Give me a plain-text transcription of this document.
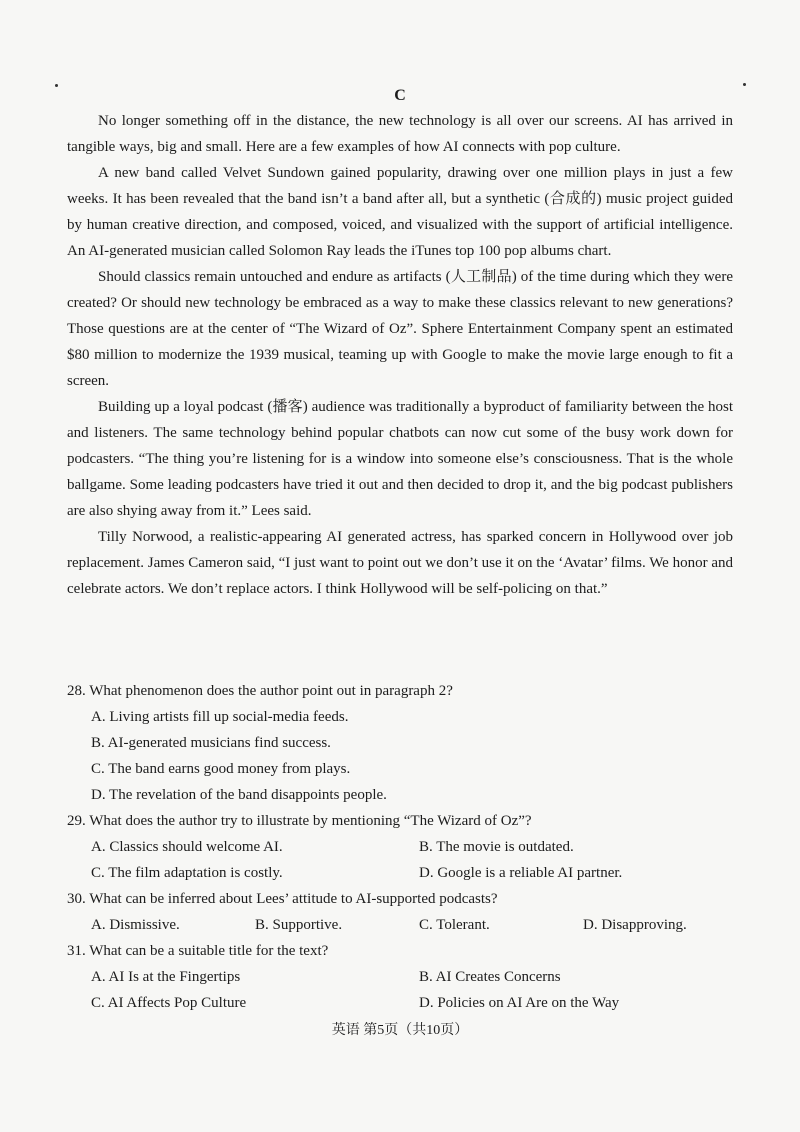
C

No longer something off in the distance, the new technology is all over our screens. AI has arrived in tangible ways, big and small. Here are a few examples of how AI connects with pop culture.

A new band called Velvet Sundown gained popularity, drawing over one million plays in just a few weeks. It has been revealed that the band isn’t a band after all, but a synthetic (合成的) music project guided by human creative direction, and composed, voiced, and visualized with the support of artificial intelligence. An AI-generated musician called Solomon Ray leads the iTunes top 100 pop albums chart.

Should classics remain untouched and endure as artifacts (人工制品) of the time during which they were created? Or should new technology be embraced as a way to make these classics relevant to new generations? Those questions are at the center of “The Wizard of Oz”. Sphere Entertainment Company spent an estimated $80 million to modernize the 1939 musical, teaming up with Google to make the movie large enough to fit a screen.

Building up a loyal podcast (播客) audience was traditionally a byproduct of familiarity between the host and listeners. The same technology behind popular chatbots can now cut some of the busy work down for podcasters. “The thing you’re listening for is a window into someone else’s consciousness. That is the whole ballgame. Some leading podcasters have tried it out and then decided to drop it, and the big podcast publishers are also shying away from it.” Lees said.

Tilly Norwood, a realistic-appearing AI generated actress, has sparked concern in Hollywood over job replacement. James Cameron said, “I just want to point out we don’t use it on the ‘Avatar’ films. We honor and celebrate actors. We don’t replace actors. I think Hollywood will be self-policing on that.”

28. What phenomenon does the author point out in paragraph 2?

A. Living artists fill up social-media feeds.
B. AI-generated musicians find success.
C. The band earns good money from plays.
D. The revelation of the band disappoints people.

29. What does the author try to illustrate by mentioning “The Wizard of Oz”?

A. Classics should welcome AI.	B. The movie is outdated.
C. The film adaptation is costly.	D. Google is a reliable AI partner.

30. What can be inferred about Lees’ attitude to AI-supported podcasts?

A. Dismissive.	B. Supportive.	C. Tolerant.	D. Disapproving.

31. What can be a suitable title for the text?

A. AI Is at the Fingertips	B. AI Creates Concerns
C. AI Affects Pop Culture	D. Policies on AI Are on the Way
英语 第5页（共10页）
